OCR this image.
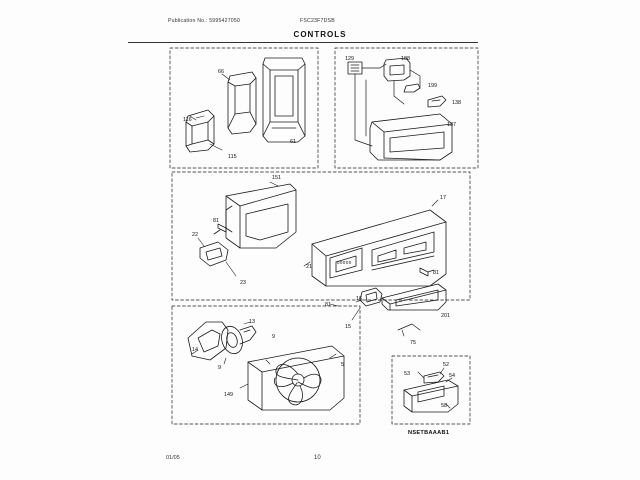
Publication No.: 5995427050	FSC23F7DSB
CONTROLS
66
129	188
199
138
137
116
61
115
151
17
81
22
21
81
23
81
16
201
15
13
75
9
14
52
53	54
9	5
149
58
00000
NSETBAAAB1
01/05	10
